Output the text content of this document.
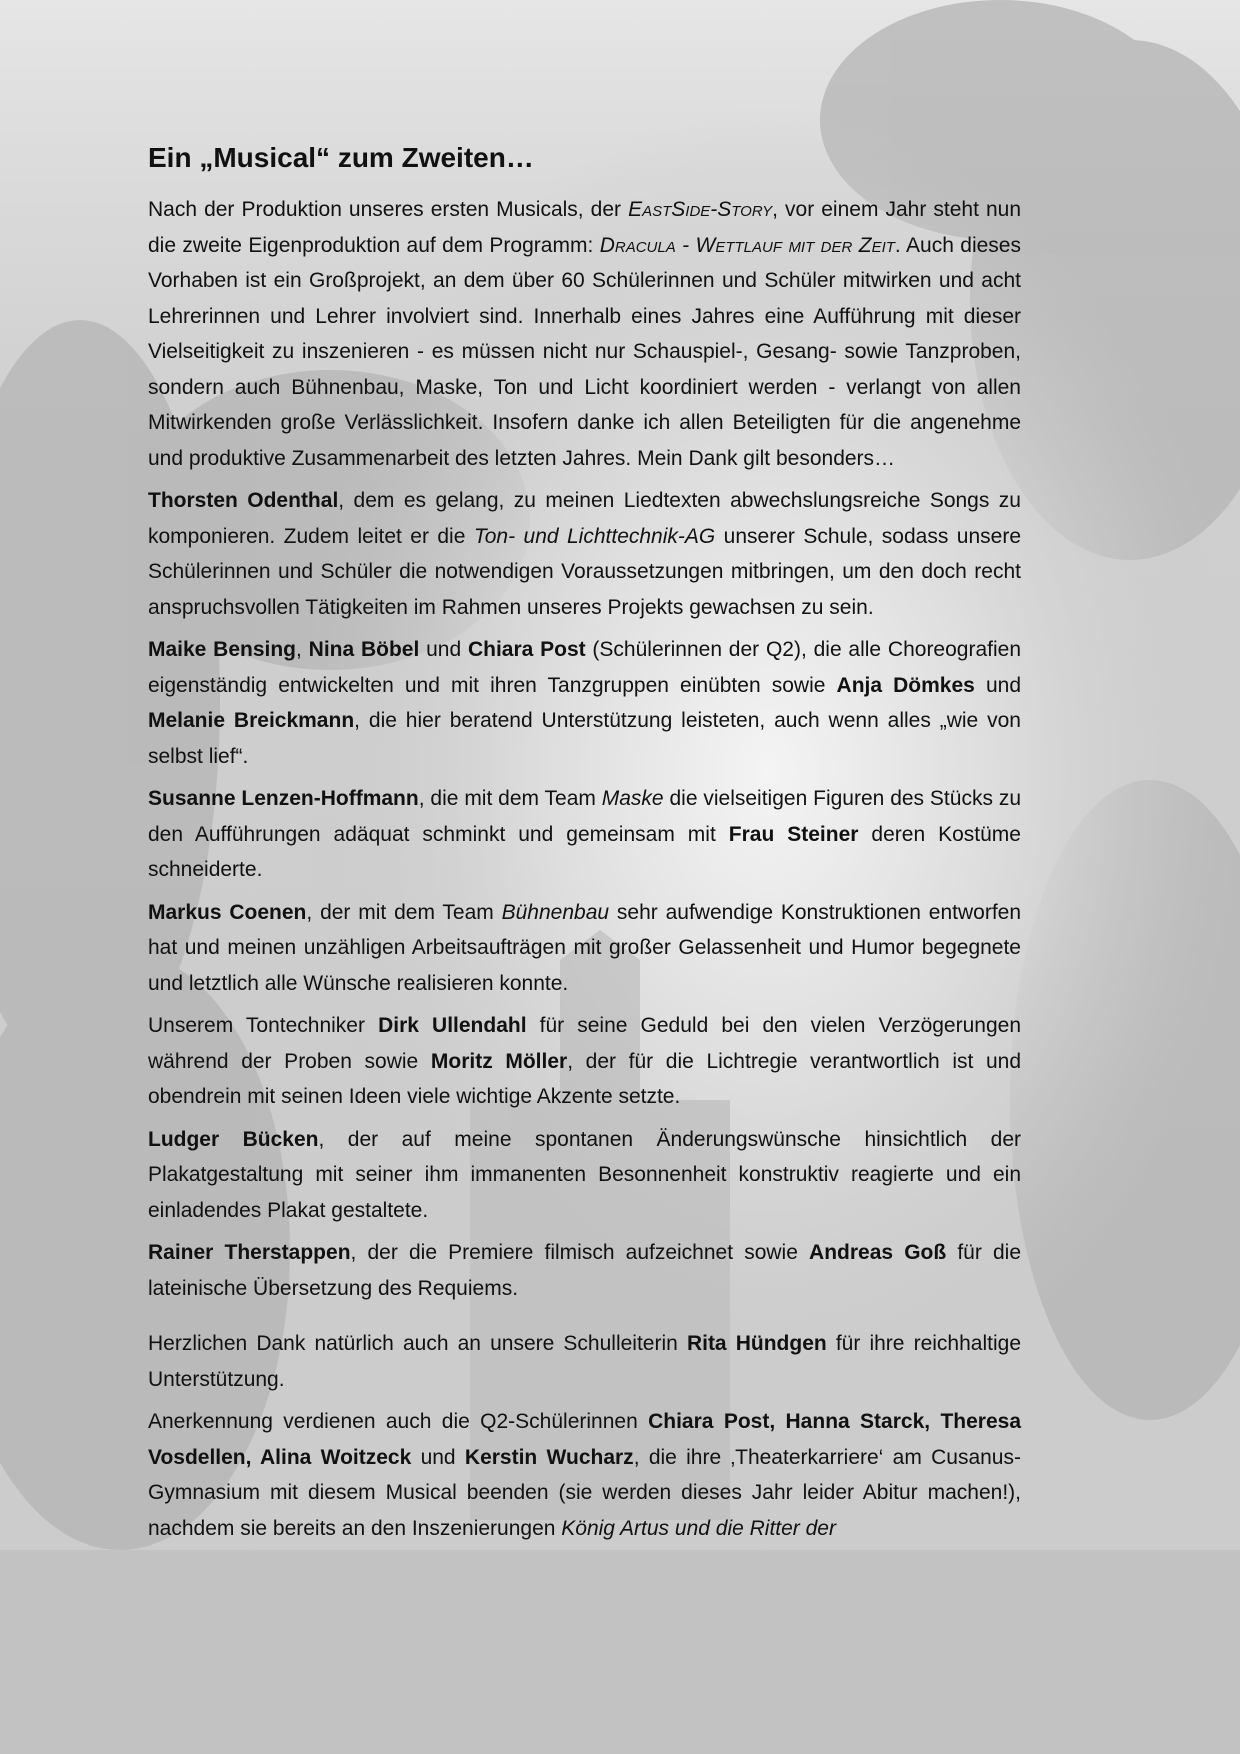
Ein „Musical“ zum Zweiten…

Nach der Produktion unseres ersten Musicals, der EastSide-Story, vor einem Jahr steht nun die zweite Eigenproduktion auf dem Programm: Dracula - Wettlauf mit der Zeit. Auch dieses Vorhaben ist ein Großprojekt, an dem über 60 Schülerinnen und Schüler mitwirken und acht Lehrerinnen und Lehrer involviert sind. Innerhalb eines Jahres eine Aufführung mit dieser Vielseitigkeit zu inszenieren - es müssen nicht nur Schauspiel-, Gesang- sowie Tanzproben, sondern auch Bühnenbau, Maske, Ton und Licht koordiniert werden - verlangt von allen Mitwirkenden große Verlässlichkeit. Insofern danke ich allen Beteiligten für die angenehme und produktive Zusammenarbeit des letzten Jahres. Mein Dank gilt besonders…

Thorsten Odenthal, dem es gelang, zu meinen Liedtexten abwechslungsreiche Songs zu komponieren. Zudem leitet er die Ton- und Lichttechnik-AG unserer Schule, sodass unsere Schülerinnen und Schüler die notwendigen Voraussetzungen mitbringen, um den doch recht anspruchsvollen Tätigkeiten im Rahmen unseres Projekts gewachsen zu sein.

Maike Bensing, Nina Böbel und Chiara Post (Schülerinnen der Q2), die alle Choreografien eigenständig entwickelten und mit ihren Tanzgruppen einübten sowie Anja Dömkes und Melanie Breickmann, die hier beratend Unterstützung leisteten, auch wenn alles „wie von selbst lief“.

Susanne Lenzen-Hoffmann, die mit dem Team Maske die vielseitigen Figuren des Stücks zu den Aufführungen adäquat schminkt und gemeinsam mit Frau Steiner deren Kostüme schneiderte.

Markus Coenen, der mit dem Team Bühnenbau sehr aufwendige Konstruktionen entworfen hat und meinen unzähligen Arbeitsaufträgen mit großer Gelassenheit und Humor begegnete und letztlich alle Wünsche realisieren konnte.

Unserem Tontechniker Dirk Ullendahl für seine Geduld bei den vielen Verzögerungen während der Proben sowie Moritz Möller, der für die Lichtregie verantwortlich ist und obendrein mit seinen Ideen viele wichtige Akzente setzte.

Ludger Bücken, der auf meine spontanen Änderungswünsche hinsichtlich der Plakatgestaltung mit seiner ihm immanenten Besonnenheit konstruktiv reagierte und ein einladendes Plakat gestaltete.

Rainer Therstappen, der die Premiere filmisch aufzeichnet sowie Andreas Goß für die lateinische Übersetzung des Requiems.

Herzlichen Dank natürlich auch an unsere Schulleiterin Rita Hündgen für ihre reichhaltige Unterstützung.

Anerkennung verdienen auch die Q2-Schülerinnen Chiara Post, Hanna Starck, Theresa Vosdellen, Alina Woitzeck und Kerstin Wucharz, die ihre ‚Theaterkarriere‘ am Cusanus-Gymnasium mit diesem Musical beenden (sie werden dieses Jahr leider Abitur machen!), nachdem sie bereits an den Inszenierungen König Artus und die Ritter der
